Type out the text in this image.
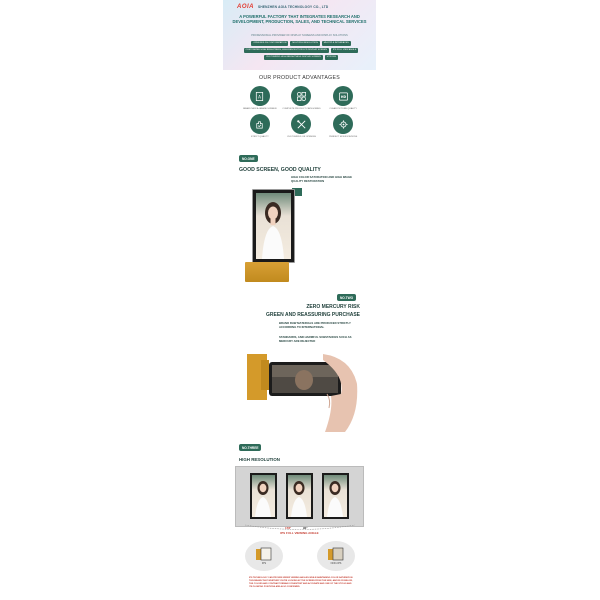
AOIA SHENZHEN AOIA TECHNOLOGY CO., LTD
A POWERFUL FACTORY THAT INTEGRATES RESEARCH AND DEVELOPMENT, PRODUCTION, SALES, AND TECHNICAL SERVICES
PROFESSIONAL PROVIDER OF DISPLAY SCREENS AND DISPLAY SOLUTIONS
OPEN MOLDS CUSTOMIZATION	MULTIPLE RESOLUTION	MULTIPLE INTERFACES
CUSTOMIZED HIGH BRIGHTNESS, HIGH RESOLUTION LCD DISPLAY SCREEN	IPS FULL VIEW ANGLE
CUSTOMIZED HIGH BRIGHTNESS DISPLAY SCREEN	STRONG
OUR PRODUCT ADVANTAGES
A
BRAND NEW A GRADE SCREEN	COMPLETE PRODUCT CATEGORIES
HD
CLEAR PICTURE QUALITY
STRICT QUALITY	CUSTOMIZED OR OPENING	PERFECT MODIFICATIONS
NO.ONE
GOOD SCREEN, GOOD QUALITY
HIGH COLOR SATURATION AND HIGH IMAGE QUALITY RESTORATION
NO.TWO
ZERO MERCURY RISK
GREEN AND REASSURING PURCHASE
BRAND RAW MATERIALS ARE PRODUCED STRICTLY ACCORDING TO INTERNATIONAL
STANDARDS, AND HARMFUL SUBSTANCES SUCH AS MERCURY ARE REJECTED
NO.THREE
HIGH RESOLUTION
178°	90°
IPS FULL VIEWING ANGLE
IPS	NON-IPS
IPS TECHNOLOGY CAN PROVIDE WIDER VIEWING ANGLES WHILE MAINTAINING COLOR SATURATION. THIS MEANS THAT WHETHER YOU'RE LOOKING AT THE SCREEN FROM THE SIDE, ABOVE OR BELOW, THE COLORS AND CONTRAST REMAIN CONSISTENT AND ACCURATE AND ONE OF THE STYLUS AND ITS FLOATING POSITIONS ARE ALSO CONFIRMED.
